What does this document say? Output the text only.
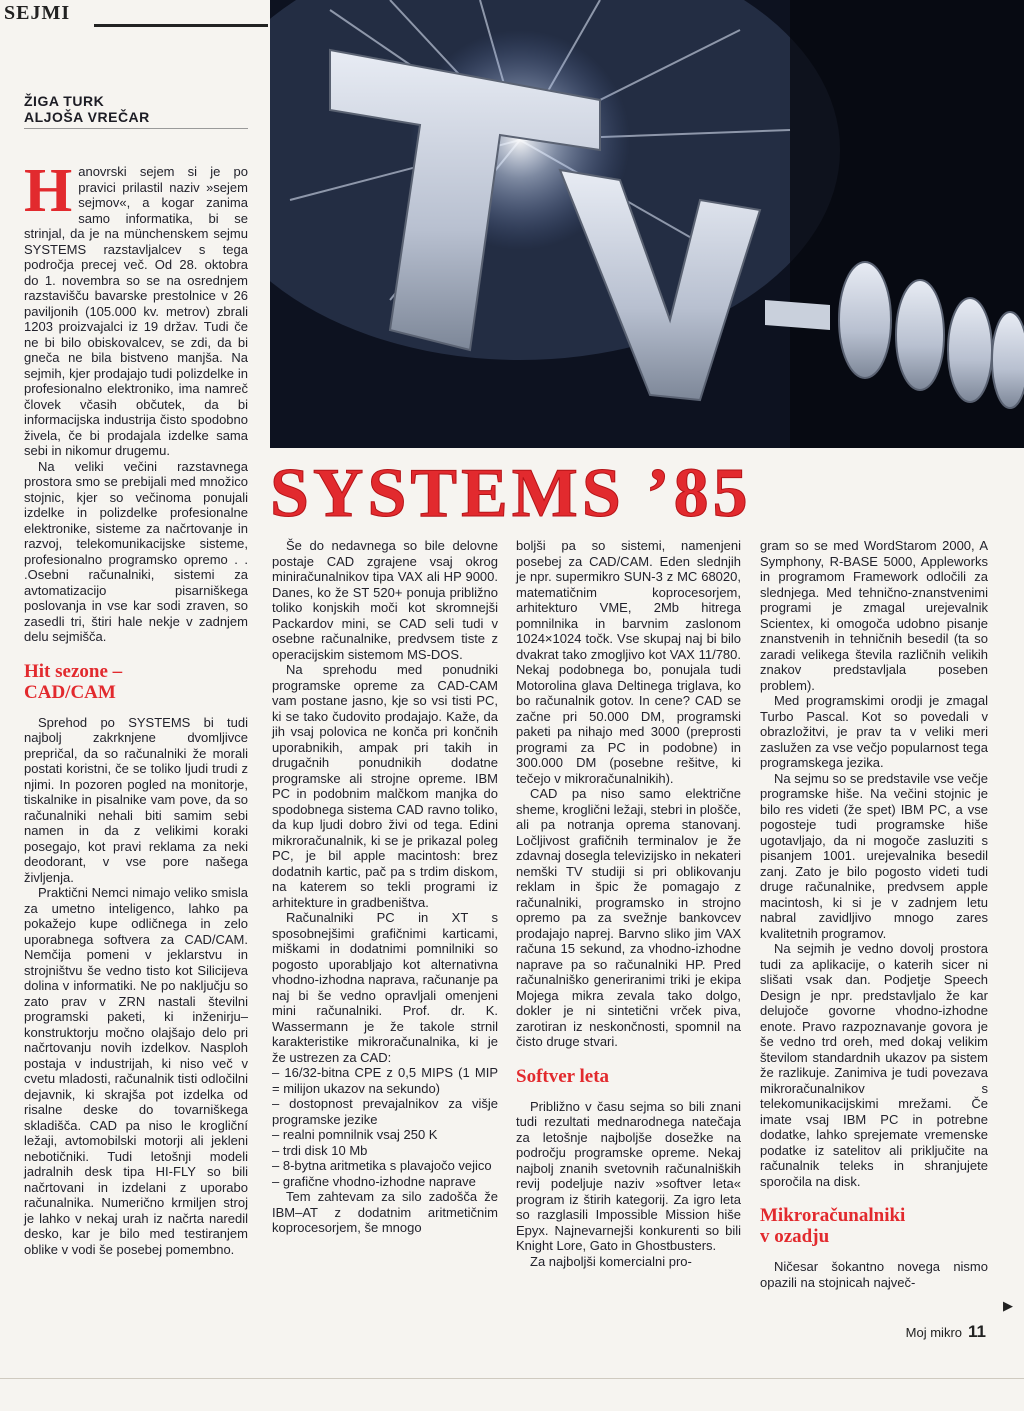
SEJMI
ŽIGA TURK
ALJOŠA VREČAR
SYSTEMS ’85

Hanovrski sejem si je po pravici prilastil naziv »sejem sejmov«, a kogar zanima samo informatika, bi se strinjal, da je na münchenskem sejmu SYSTEMS razstavljalcev s tega področja precej več. Od 28. oktobra do 1. novembra so se na osrednjem razstavišču bavarske prestolnice v 26 paviljonih (105.000 kv. metrov) zbrali 1203 proizvajalci iz 19 držav. Tudi če ne bi bilo obiskovalcev, se zdi, da bi gneča ne bila bistveno manjša. Na sejmih, kjer prodajajo tudi polizdelke in profesionalno elektroniko, ima namreč človek včasih občutek, da bi informacijska industrija čisto spodobno živela, če bi prodajala izdelke sama sebi in nikomur drugemu.

Na veliki večini razstavnega prostora smo se prebijali med množico stojnic, kjer so večinoma ponujali izdelke in polizdelke profesionalne elektronike, sisteme za načrtovanje in razvoj, telekomunikacijske sisteme, profesionalno programsko opremo . . .Osebni računalniki, sistemi za avtomatizacijo pisarniškega poslovanja in vse kar sodi zraven, so zasedli tri, štiri hale nekje v zadnjem delu sejmišča.

Hit sezone –
CAD/CAM

Sprehod po SYSTEMS bi tudi najbolj zakrknjene dvomljivce prepričal, da so računalniki že morali postati koristni, če se toliko ljudi trudi z njimi. In pozoren pogled na monitorje, tiskalnike in pisalnike vam pove, da so računalniki nehali biti samim sebi namen in da z velikimi koraki posegajo, kot pravi reklama za neki deodorant, v vse pore našega življenja.

Praktični Nemci nimajo veliko smisla za umetno inteligenco, lahko pa pokažejo kupe odličnega in zelo uporabnega softvera za CAD/CAM. Nemčija pomeni v jeklarstvu in strojništvu še vedno tisto kot Silicijeva dolina v informatiki. Ne po naključju so zato prav v ZRN nastali številni programski paketi, ki inženirju–konstruktorju močno olajšajo delo pri načrtovanju novih izdelkov. Nasploh postaja v industrijah, ki niso več v cvetu mladosti, računalnik tisti odločilni dejavnik, ki skrajša pot izdelka od risalne deske do tovarniškega skladišča. CAD pa niso le krogliční ležaji, avtomobilski motorji ali jekleni nebotičniki. Tudi letošnji modeli jadralnih desk tipa HI-FLY so bili načrtovani in izdelani z uporabo računalnika. Numerično krmiljen stroj je lahko v nekaj urah iz načrta naredil desko, kar je bilo med testiranjem oblike v vodi še posebej pomembno.

Še do nedavnega so bile delovne postaje CAD zgrajene vsaj okrog miniračunalnikov tipa VAX ali HP 9000. Danes, ko že ST 520+ ponuja približno toliko konjskih moči kot skromnejši Packardov mini, se CAD seli tudi v osebne računalnike, predvsem tiste z operacijskim sistemom MS-DOS.

Na sprehodu med ponudniki programske opreme za CAD-CAM vam postane jasno, kje so vsi tisti PC, ki se tako čudovito prodajajo. Kaže, da jih vsaj polovica ne konča pri končnih uporabnikih, ampak pri takih in drugačnih ponudnikih dodatne programske ali strojne opreme. IBM PC in podobnim malčkom manjka do spodobnega sistema CAD ravno toliko, da kup ljudi dobro živi od tega. Edini mikroračunalnik, ki se je prikazal poleg PC, je bil apple macintosh: brez dodatnih kartic, pač pa s trdim diskom, na katerem so tekli programi iz arhitekture in gradbeništva.

Računalniki PC in XT s sposobnejšimi grafičnimi karticami, miškami in dodatnimi pomnilniki so pogosto uporabljajo kot alternativna vhodno-izhodna naprava, računanje pa naj bi še vedno opravljali omenjeni mini računalniki. Prof. dr. K. Wassermann je že takole strnil karakteristike mikroračunalnika, ki je že ustrezen za CAD:

– 16/32-bitna CPE z 0,5 MIPS (1 MIP = milijon ukazov na sekundo)

– dostopnost prevajalnikov za višje programske jezike

– realni pomnilnik vsaj 250 K

– trdi disk 10 Mb

– 8-bytna aritmetika s plavajočo vejico

– grafične vhodno-izhodne naprave

Tem zahtevam za silo zadošča že IBM–AT z dodatnim aritmetičnim koprocesorjem, še mnogo

boljši pa so sistemi, namenjeni posebej za CAD/CAM. Eden slednjih je npr. supermikro SUN-3 z MC 68020, matematičnim koprocesorjem, arhitekturo VME, 2Mb hitrega pomnilnika in barvnim zaslonom 1024×1024 točk. Vse skupaj naj bi bilo dvakrat tako zmogljivo kot VAX 11/780. Nekaj podobnega bo, ponujala tudi Motorolina glava Deltinega triglava, ko bo računalnik gotov. In cene? CAD se začne pri 50.000 DM, programski paketi pa nihajo med 3000 (preprosti programi za PC in podobne) in 300.000 DM (posebne rešitve, ki tečejo v mikroračunalnikih).

CAD pa niso samo električne sheme, kroglični ležaji, stebri in plošče, ali pa notranja oprema stanovanj. Ločljivost grafičnih terminalov je že zdavnaj dosegla televizijsko in nekateri nemški TV studiji si pri oblikovanju reklam in špic že pomagajo z računalniki, programsko in strojno opremo pa za svežnje bankovcev prodajajo naprej. Barvno sliko jim VAX računa 15 sekund, za vhodno-izhodne naprave pa so računalniki HP. Pred računalniško generiranimi triki je ekipa Mojega mikra zevala tako dolgo, dokler je ni sintetični vrček piva, zarotiran iz neskončnosti, spomnil na čisto druge stvari.

Softver leta

Približno v času sejma so bili znani tudi rezultati mednarodnega natečaja za letošnje najboljše dosežke na področju programske opreme. Nekaj najbolj znanih svetovnih računalniških revij podeljuje naziv »softver leta« program iz štirih kategorij. Za igro leta so razglasili Impossible Mission hiše Epyx. Najnevarnejši konkurenti so bili Knight Lore, Gato in Ghostbusters.

Za najboljši komercialni pro-

gram so se med WordStarom 2000, A Symphony, R-BASE 5000, Appleworks in programom Framework odločili za slednjega. Med tehnično-znanstvenimi programi je zmagal urejevalnik Scientex, ki omogoča udobno pisanje znanstvenih in tehničnih besedil (ta so zaradi velikega števila različnih velikih znakov predstavljala poseben problem).

Med programskimi orodji je zmagal Turbo Pascal. Kot so povedali v obrazložitvi, je prav ta v veliki meri zaslužen za vse večjo popularnost tega programskega jezika.

Na sejmu so se predstavile vse večje programske hiše. Na večini stojnic je bilo res videti (že spet) IBM PC, a vse pogosteje tudi programske hiše ugotavljajo, da ni mogoče zasluziti s pisanjem 1001. urejevalnika besedil zanj. Zato je bilo pogosto videti tudi druge računalnike, predvsem apple macintosh, ki si je v zadnjem letu nabral zavidljivo mnogo zares kvalitetnih programov.

Na sejmih je vedno dovolj prostora tudi za aplikacije, o katerih sicer ni slišati vsak dan. Podjetje Speech Design je npr. predstavljalo že kar delujoče govorne vhodno-izhodne enote. Pravo razpoznavanje govora je še vedno trd oreh, med dokaj velikim številom standardnih ukazov pa sistem že razlikuje. Zanimiva je tudi povezava mikroračunalnikov s telekomunikacijskimi mrežami. Če imate vsaj IBM PC in potrebne dodatke, lahko sprejemate vremenske podatke iz satelitov ali priključite na računalnik teleks in shranjujete sporočila na disk.

Mikroračunalniki
v ozadju

Ničesar šokantno novega nismo opazili na stojnicah največ-

▶
Moj mikro 11
